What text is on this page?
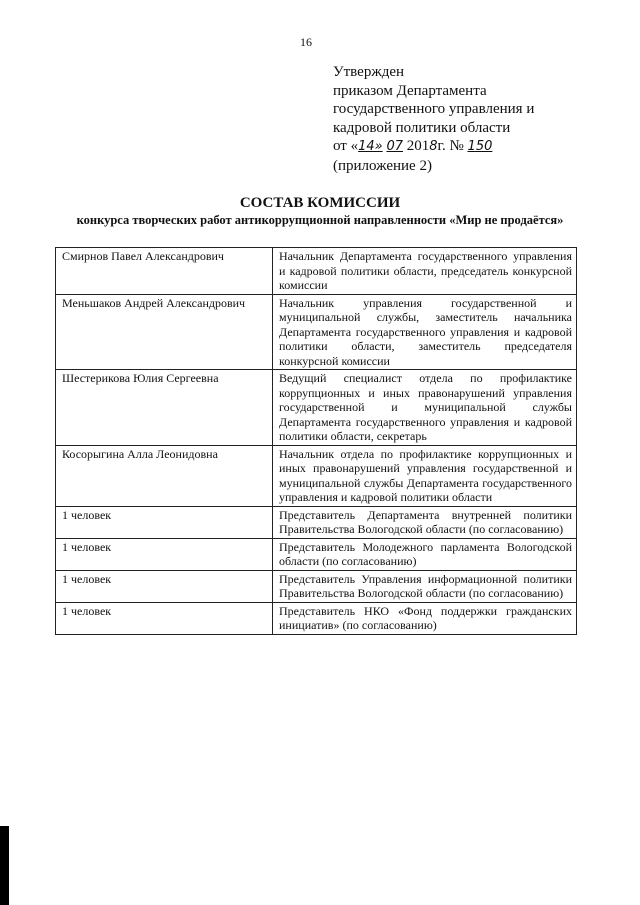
16
Утвержден
приказом Департамента
государственного управления и
кадровой политики области
от «14» 07 2018г. № 150
(приложение 2)
СОСТАВ КОМИССИИ
конкурса творческих работ антикоррупционной направленности «Мир не продаётся»
Смирнов Павел Александрович	Начальник Департамента государственного управления и кадровой политики области, председатель конкурсной комиссии
Меньшаков Андрей Александрович	Начальник управления государственной и муниципальной службы, заместитель начальника Департамента государственного управления и кадровой политики области, заместитель председателя конкурсной комиссии
Шестерикова Юлия Сергеевна	Ведущий специалист отдела по профилактике коррупционных и иных правонарушений управления государственной и муниципальной службы Департамента государственного управления и кадровой политики области, секретарь
Косорыгина Алла Леонидовна	Начальник отдела по профилактике коррупционных и иных правонарушений управления государственной и муниципальной службы Департамента государственного управления и кадровой политики области
1 человек	Представитель Департамента внутренней политики Правительства Вологодской области (по согласованию)
1 человек	Представитель Молодежного парламента Вологодской области (по согласованию)
1 человек	Представитель Управления информационной политики Правительства Вологодской области (по согласованию)
1 человек	Представитель НКО «Фонд поддержки гражданских инициатив» (по согласованию)
